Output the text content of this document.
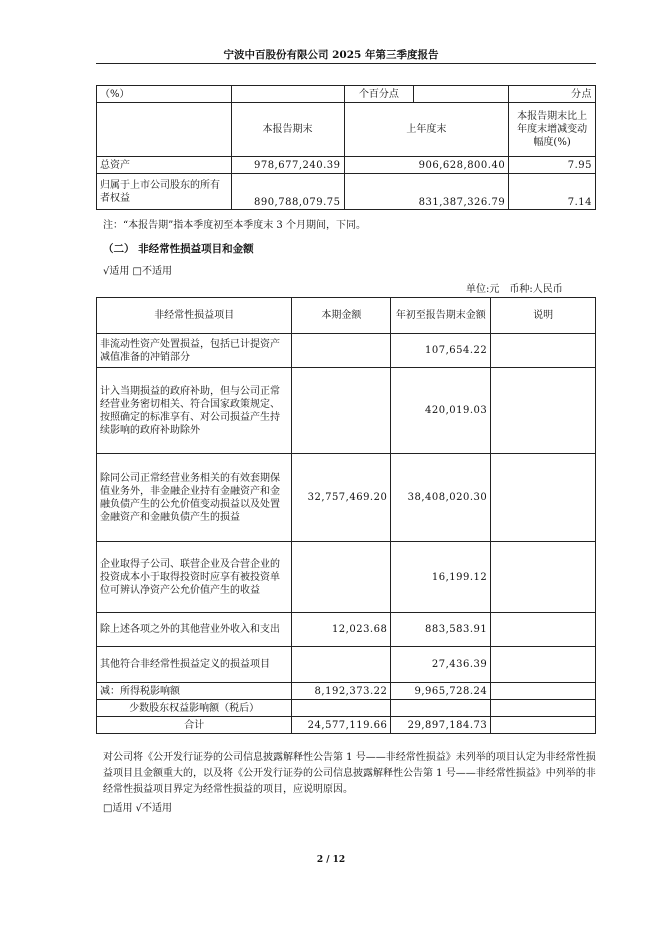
宁波中百股份有限公司 2025 年第三季度报告
（%）		个百分点		分点
	本报告期末	上年度末		本报告期末比上年度末增减变动幅度(%)
总资产	978,677,240.39	906,628,800.40		7.95
归属于上市公司股东的所有者权益	890,788,079.75	831,387,326.79		7.14
注：“本报告期”指本季度初至本季度末 3 个月期间，下同。
（二） 非经常性损益项目和金额
√适用 □不适用
单位:元　币种:人民币
非经常性损益项目	本期金额	年初至报告期末金额	说明
非流动性资产处置损益，包括已计提资产减值准备的冲销部分		107,654.22	
计入当期损益的政府补助，但与公司正常经营业务密切相关、符合国家政策规定、按照确定的标准享有、对公司损益产生持续影响的政府补助除外		420,019.03	
除同公司正常经营业务相关的有效套期保值业务外，非金融企业持有金融资产和金融负债产生的公允价值变动损益以及处置金融资产和金融负债产生的损益	32,757,469.20	38,408,020.30	
企业取得子公司、联营企业及合营企业的投资成本小于取得投资时应享有被投资单位可辨认净资产公允价值产生的收益		16,199.12	
除上述各项之外的其他营业外收入和支出	12,023.68	883,583.91	
其他符合非经常性损益定义的损益项目		27,436.39	
减：所得税影响额	8,192,373.22	9,965,728.24	
少数股东权益影响额（税后）			
合计	24,577,119.66	29,897,184.73	
对公司将《公开发行证券的公司信息披露解释性公告第 1 号——非经常性损益》未列举的项目认定为非经常性损益项目且金额重大的，以及将《公开发行证券的公司信息披露解释性公告第 1 号——非经常性损益》中列举的非经常性损益项目界定为经常性损益的项目，应说明原因。
□适用 √不适用
2 / 12
